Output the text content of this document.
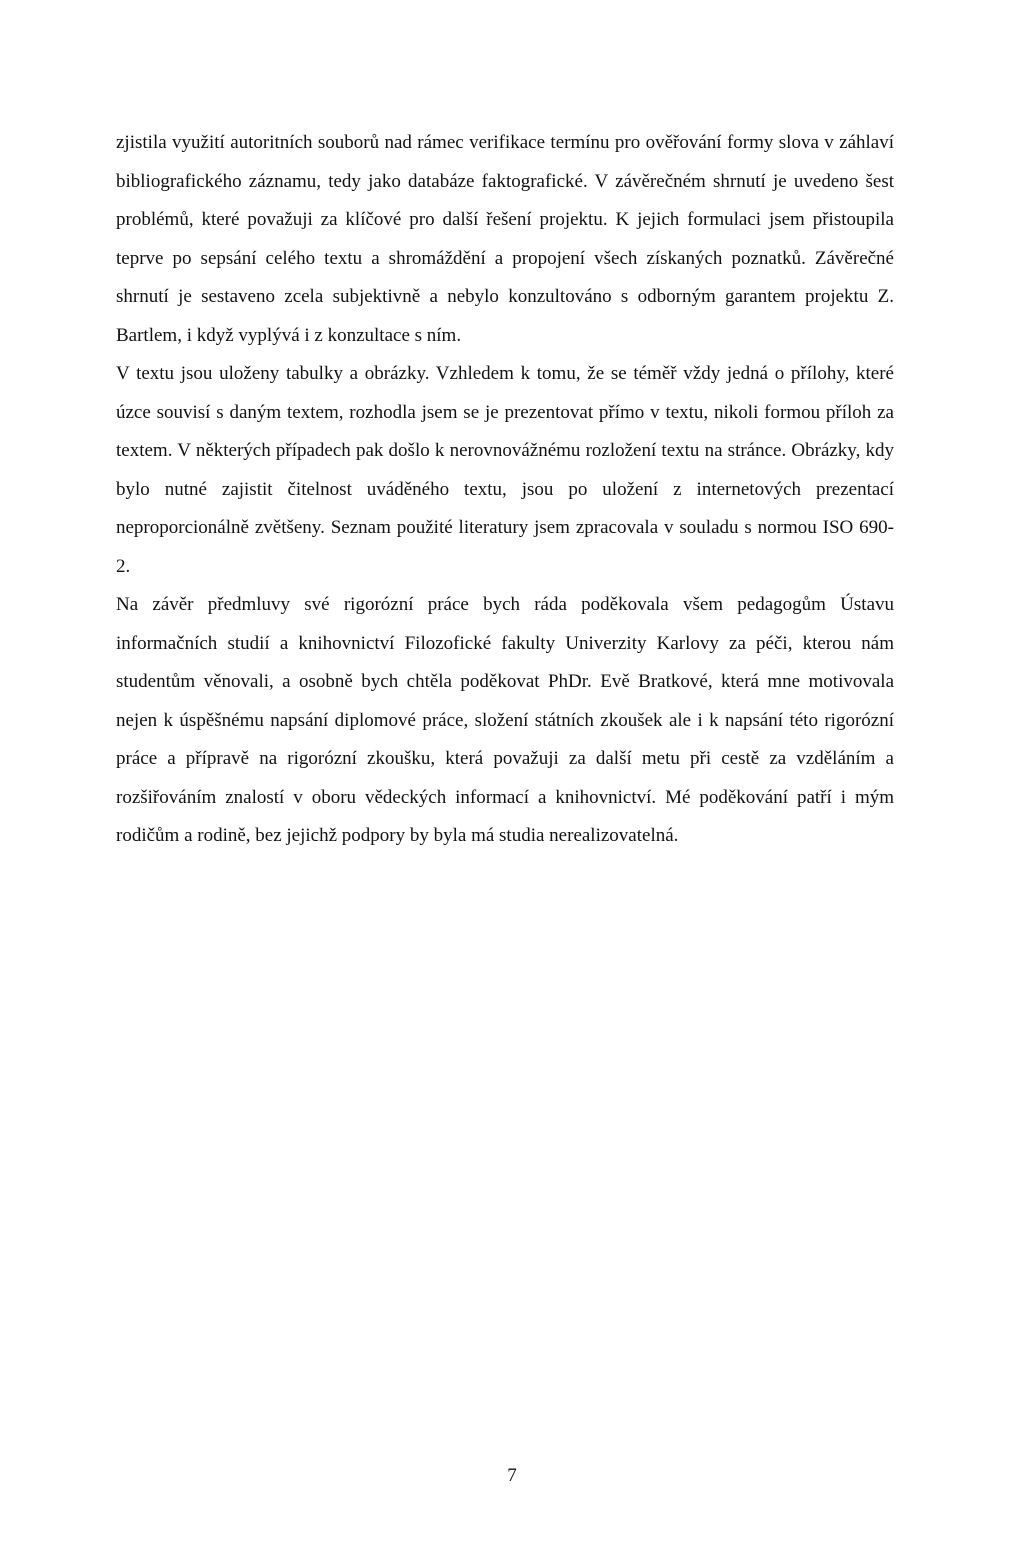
zjistila využití autoritních souborů nad rámec verifikace termínu pro ověřování formy slova v záhlaví bibliografického záznamu, tedy jako databáze faktografické. V závěrečném shrnutí je uvedeno šest problémů, které považuji za klíčové pro další řešení projektu. K jejich formulaci jsem přistoupila teprve po sepsání celého textu a shromáždění a propojení všech získaných poznatků. Závěrečné shrnutí je sestaveno zcela subjektivně a nebylo konzultováno s odborným garantem projektu Z. Bartlem, i když vyplývá i z konzultace s ním.

V textu jsou uloženy tabulky a obrázky. Vzhledem k tomu, že se téměř vždy jedná o přílohy, které úzce souvisí s daným textem, rozhodla jsem se je prezentovat přímo v textu, nikoli formou příloh za textem. V některých případech pak došlo k nerovnovážnému rozložení textu na stránce. Obrázky, kdy bylo nutné zajistit čitelnost uváděného textu, jsou po uložení z internetových prezentací neproporcionálně zvětšeny. Seznam použité literatury jsem zpracovala v souladu s normou ISO 690-2.

Na závěr předmluvy své rigorózní práce bych ráda poděkovala všem pedagogům Ústavu informačních studií a knihovnictví Filozofické fakulty Univerzity Karlovy za péči, kterou nám studentům věnovali, a osobně bych chtěla poděkovat PhDr. Evě Bratkové, která mne motivovala nejen k úspěšnému napsání diplomové práce, složení státních zkoušek ale i k napsání této rigorózní práce a přípravě na rigorózní zkoušku, která považuji za další metu při cestě za vzděláním a rozšiřováním znalostí v oboru vědeckých informací a knihovnictví. Mé poděkování patří i mým rodičům a rodině, bez jejichž podpory by byla má studia nerealizovatelná.

7
